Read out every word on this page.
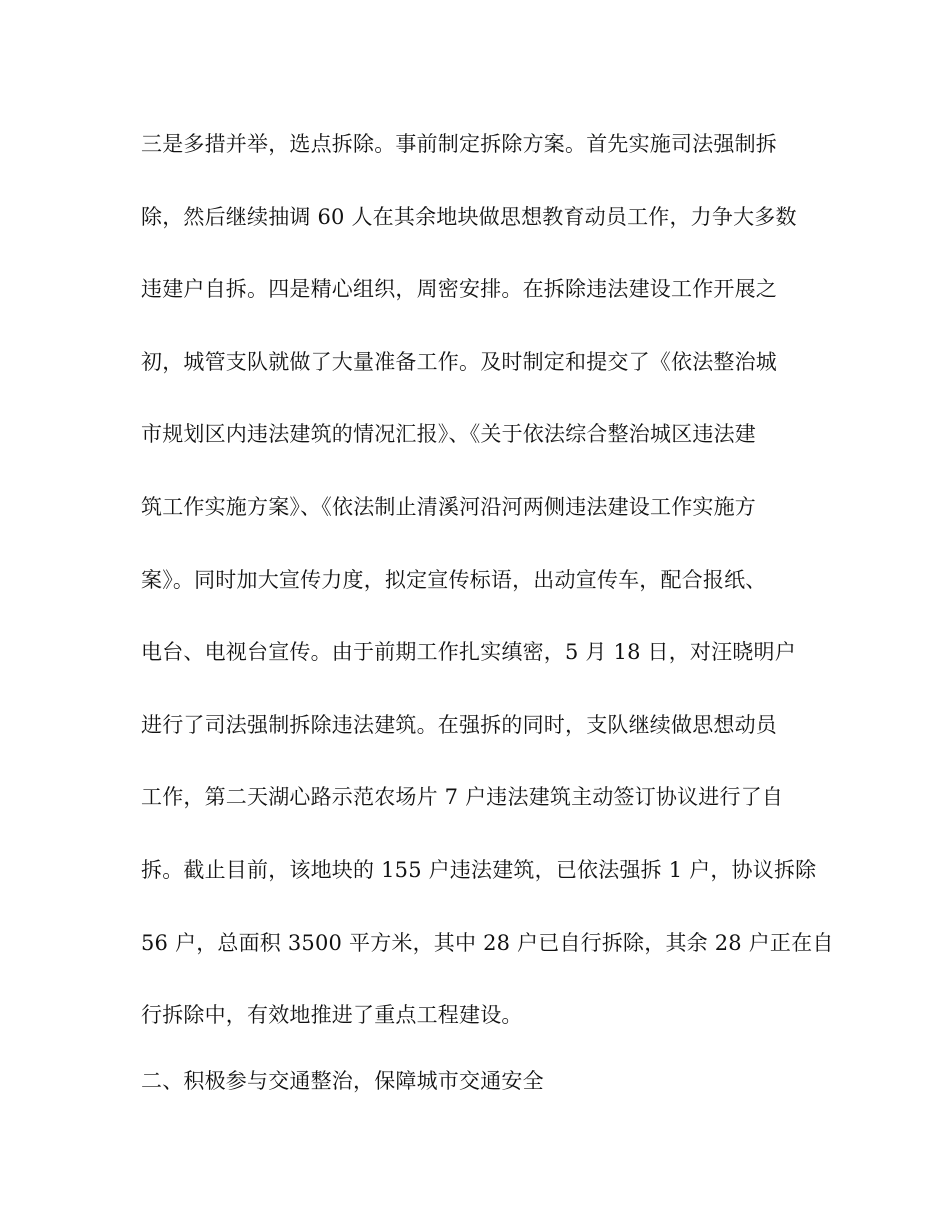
三是多措并举，选点拆除。事前制定拆除方案。首先实施司法强制拆
除，然后继续抽调 60 人在其余地块做思想教育动员工作，力争大多数
违建户自拆。四是精心组织，周密安排。在拆除违法建设工作开展之
初，城管支队就做了大量准备工作。及时制定和提交了《依法整治城
市规划区内违法建筑的情况汇报》、《关于依法综合整治城区违法建
筑工作实施方案》、《依法制止清溪河沿河两侧违法建设工作实施方
案》。同时加大宣传力度，拟定宣传标语，出动宣传车，配合报纸、
电台、电视台宣传。由于前期工作扎实缜密，5 月 18 日，对汪晓明户
进行了司法强制拆除违法建筑。在强拆的同时，支队继续做思想动员
工作，第二天湖心路示范农场片 7 户违法建筑主动签订协议进行了自
拆。截止目前，该地块的 155 户违法建筑，已依法强拆 1 户，协议拆除
56 户，总面积 3500 平方米，其中 28 户已自行拆除，其余 28 户正在自
行拆除中，有效地推进了重点工程建设。
二、积极参与交通整治，保障城市交通安全
